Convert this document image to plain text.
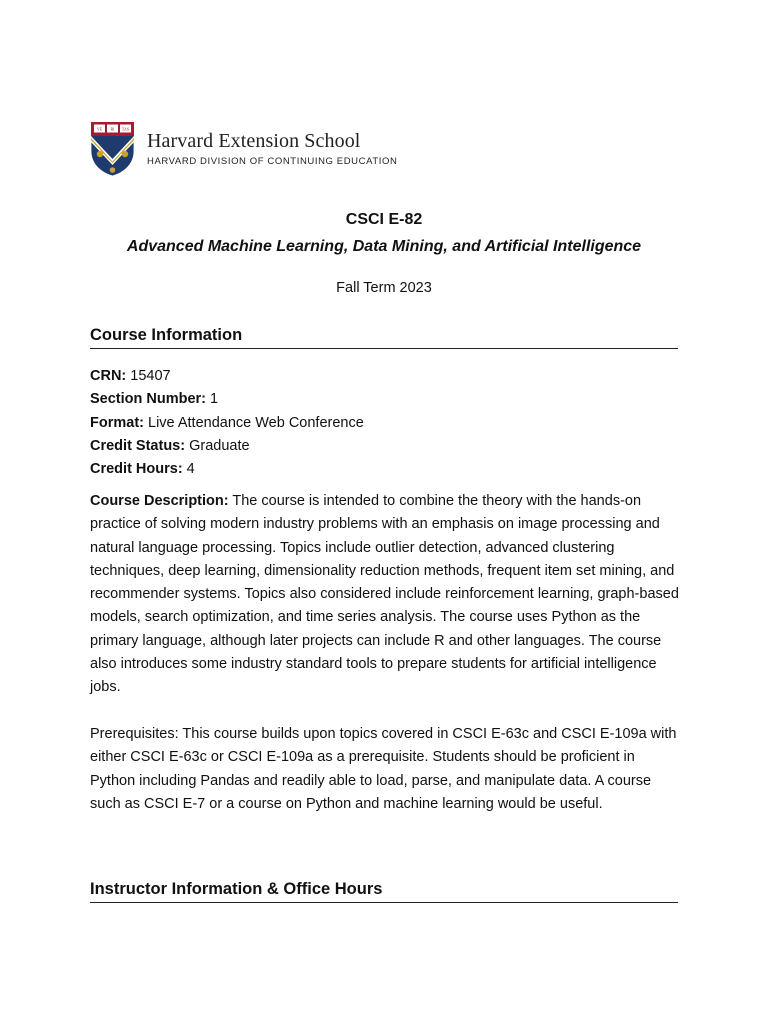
VE RI TAS
Harvard Extension School
HARVARD DIVISION OF CONTINUING EDUCATION
CSCI E-82
Advanced Machine Learning, Data Mining, and Artificial Intelligence
Fall Term 2023
Course Information
CRN: 15407
Section Number: 1
Format: Live Attendance Web Conference
Credit Status: Graduate
Credit Hours: 4

Course Description: The course is intended to combine the theory with the hands-on practice of solving modern industry problems with an emphasis on image processing and natural language processing. Topics include outlier detection, advanced clustering techniques, deep learning, dimensionality reduction methods, frequent item set mining, and recommender systems. Topics also considered include reinforcement learning, graph-based models, search optimization, and time series analysis. The course uses Python as the primary language, although later projects can include R and other languages. The course also introduces some industry standard tools to prepare students for artificial intelligence jobs.

Prerequisites: This course builds upon topics covered in CSCI E-63c and CSCI E-109a with either CSCI E-63c or CSCI E-109a as a prerequisite. Students should be proficient in Python including Pandas and readily able to load, parse, and manipulate data. A course such as CSCI E-7 or a course on Python and machine learning would be useful.

Instructor Information & Office Hours
